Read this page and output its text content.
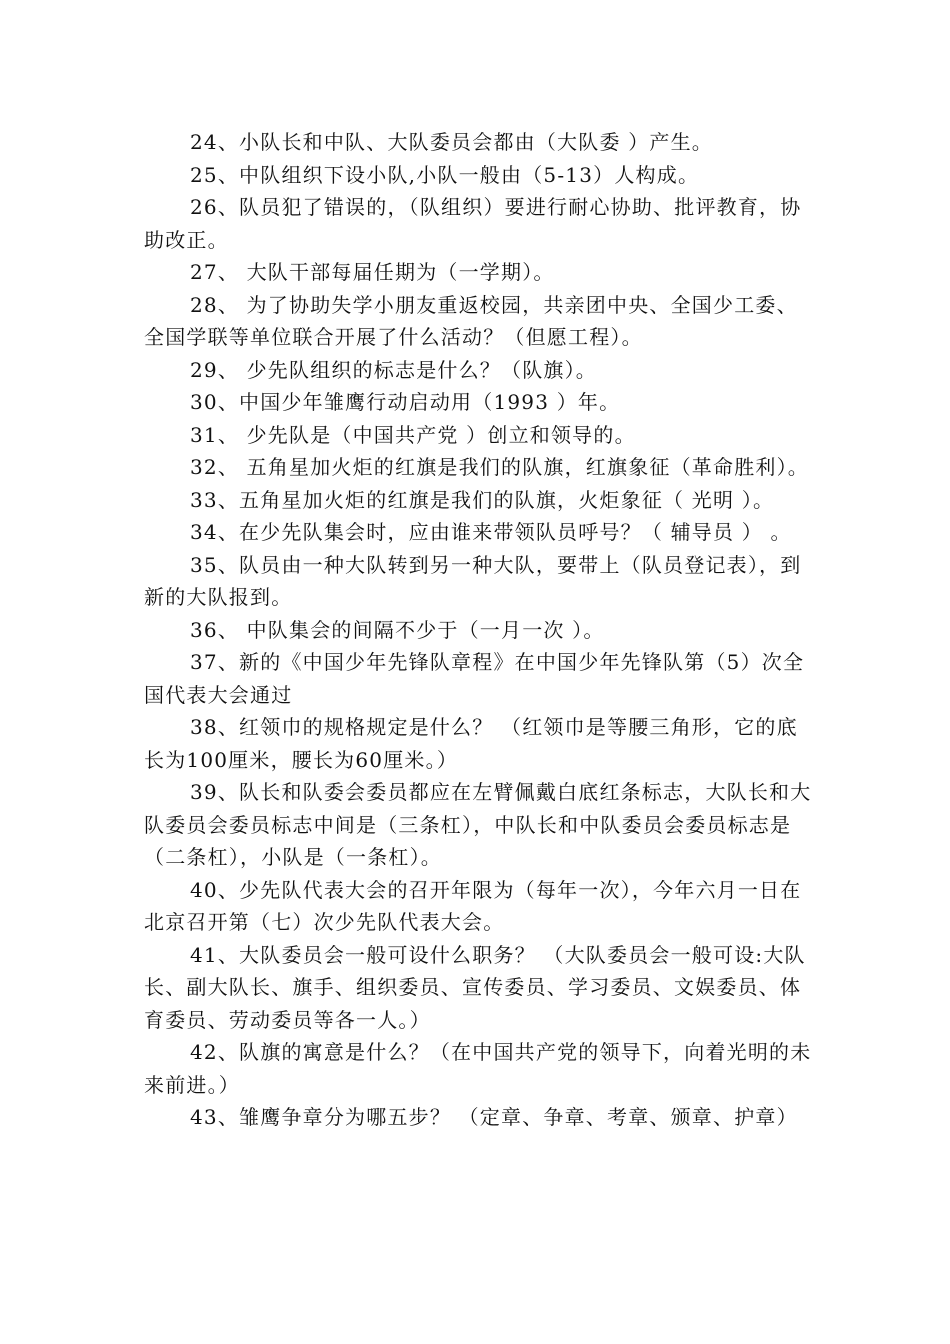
24、小队长和中队、大队委员会都由（大队委 ）产生。

25、中队组织下设小队,小队一般由（5-13）人构成。

26、队员犯了错误的，（队组织）要进行耐心协助、批评教育，协助改正。

27、 大队干部每届任期为（一学期）。

28、 为了协助失学小朋友重返校园，共亲团中央、全国少工委、全国学联等单位联合开展了什么活动？（但愿工程）。

29、 少先队组织的标志是什么？（队旗）。

30、中国少年雏鹰行动启动用（1993 ）年。

31、 少先队是（中国共产党 ）创立和领导的。

32、 五角星加火炬的红旗是我们的队旗，红旗象征（革命胜利）。

33、五角星加火炬的红旗是我们的队旗，火炬象征（ 光明 ）。

34、在少先队集会时，应由谁来带领队员呼号？（ 辅导员 ） 。

35、队员由一种大队转到另一种大队，要带上（队员登记表），到新的大队报到。

36、 中队集会的间隔不少于（一月一次 ）。

37、新的《中国少年先锋队章程》在中国少年先锋队第（5）次全国代表大会通过

38、红领巾的规格规定是什么？ （红领巾是等腰三角形，它的底长为100厘米，腰长为60厘米。）

39、队长和队委会委员都应在左臂佩戴白底红条标志，大队长和大队委员会委员标志中间是（三条杠），中队长和中队委员会委员标志是（二条杠），小队是（一条杠）。

40、少先队代表大会的召开年限为（每年一次），今年六月一日在北京召开第（七）次少先队代表大会。

41、大队委员会一般可设什么职务？ （大队委员会一般可设:大队长、副大队长、旗手、组织委员、宣传委员、学习委员、文娱委员、体育委员、劳动委员等各一人。）

42、队旗的寓意是什么？（在中国共产党的领导下，向着光明的未来前进。）

43、雏鹰争章分为哪五步？ （定章、争章、考章、颁章、护章）
